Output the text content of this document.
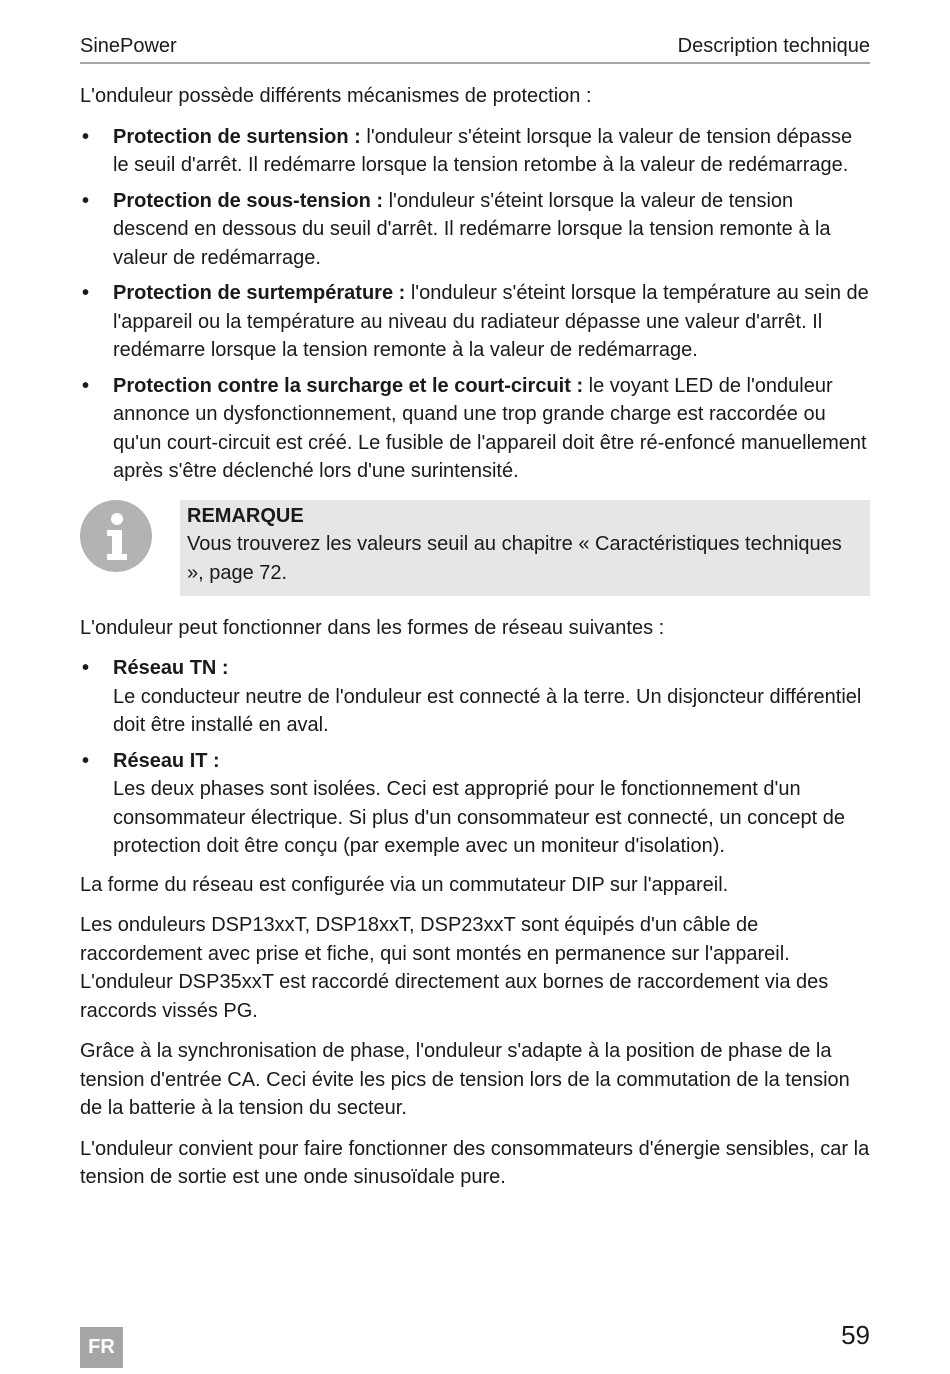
SinePower	Description technique

L'onduleur possède différents mécanismes de protection :

• Protection de surtension : l'onduleur s'éteint lorsque la valeur de tension dépasse le seuil d'arrêt. Il redémarre lorsque la tension retombe à la valeur de redémarrage.
• Protection de sous-tension : l'onduleur s'éteint lorsque la valeur de tension descend en dessous du seuil d'arrêt. Il redémarre lorsque la tension remonte à la valeur de redémarrage.
• Protection de surtempérature : l'onduleur s'éteint lorsque la température au sein de l'appareil ou la température au niveau du radiateur dépasse une valeur d'arrêt. Il redémarre lorsque la tension remonte à la valeur de redémarrage.
• Protection contre la surcharge et le court-circuit : le voyant LED de l'onduleur annonce un dysfonctionnement, quand une trop grande charge est raccordée ou qu'un court-circuit est créé. Le fusible de l'appareil doit être ré-enfoncé manuellement après s'être déclenché lors d'une surintensité.
REMARQUE
Vous trouverez les valeurs seuil au chapitre « Caractéristiques techniques », page 72.

L'onduleur peut fonctionner dans les formes de réseau suivantes :

• Réseau TN :
Le conducteur neutre de l'onduleur est connecté à la terre. Un disjoncteur différentiel doit être installé en aval.
• Réseau IT :
Les deux phases sont isolées. Ceci est approprié pour le fonctionnement d'un consommateur électrique. Si plus d'un consommateur est connecté, un concept de protection doit être conçu (par exemple avec un moniteur d'isolation).

La forme du réseau est configurée via un commutateur DIP sur l'appareil.

Les onduleurs DSP13xxT, DSP18xxT, DSP23xxT sont équipés d'un câble de raccordement avec prise et fiche, qui sont montés en permanence sur l'appareil. L'onduleur DSP35xxT est raccordé directement aux bornes de raccordement via des raccords vissés PG.

Grâce à la synchronisation de phase, l'onduleur s'adapte à la position de phase de la tension d'entrée CA. Ceci évite les pics de tension lors de la commutation de la tension de la batterie à la tension du secteur.

L'onduleur convient pour faire fonctionner des consommateurs d'énergie sensibles, car la tension de sortie est une onde sinusoïdale pure.

FR	59
